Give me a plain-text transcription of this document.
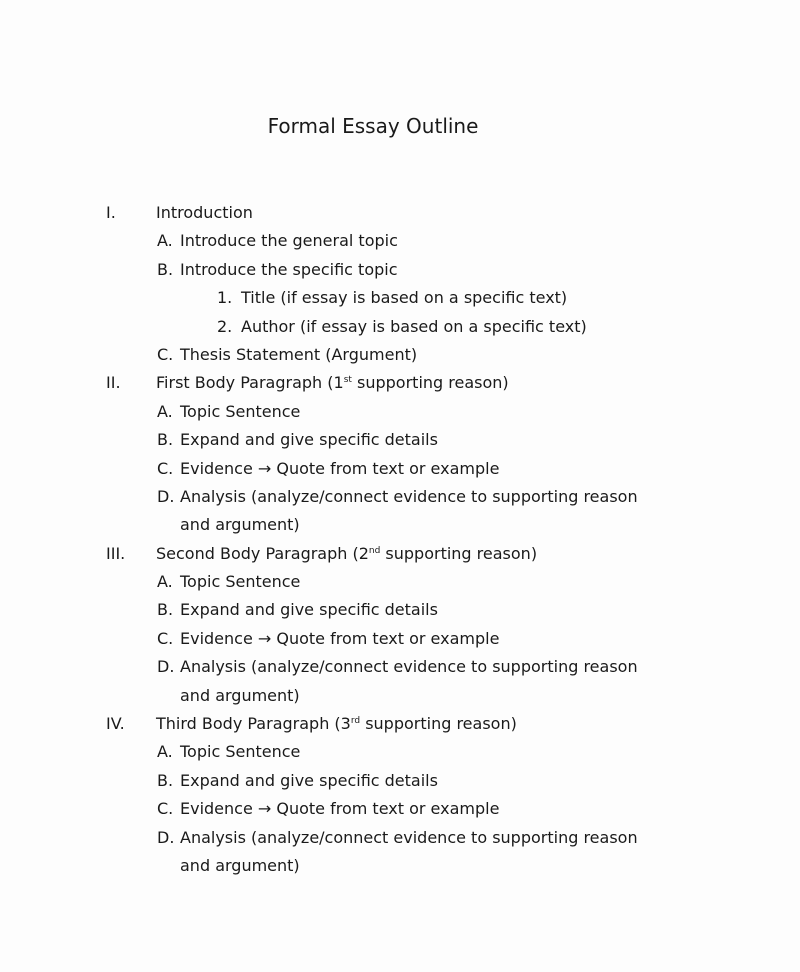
Formal Essay Outline
I.	Introduction
A. Introduce the general topic
B. Introduce the specific topic
1. Title (if essay is based on a specific text)
2. Author (if essay is based on a specific text)
C. Thesis Statement (Argument)
II. First Body Paragraph (1st supporting reason)
A. Topic Sentence
B. Expand and give specific details
C. Evidence → Quote from text or example
D. Analysis (analyze/connect evidence to supporting reason
and argument)
III. Second Body Paragraph (2nd supporting reason)
A. Topic Sentence
B. Expand and give specific details
C. Evidence → Quote from text or example
D. Analysis (analyze/connect evidence to supporting reason
and argument)
IV. Third Body Paragraph (3rd supporting reason)
A. Topic Sentence
B. Expand and give specific details
C. Evidence → Quote from text or example
D. Analysis (analyze/connect evidence to supporting reason
and argument)
